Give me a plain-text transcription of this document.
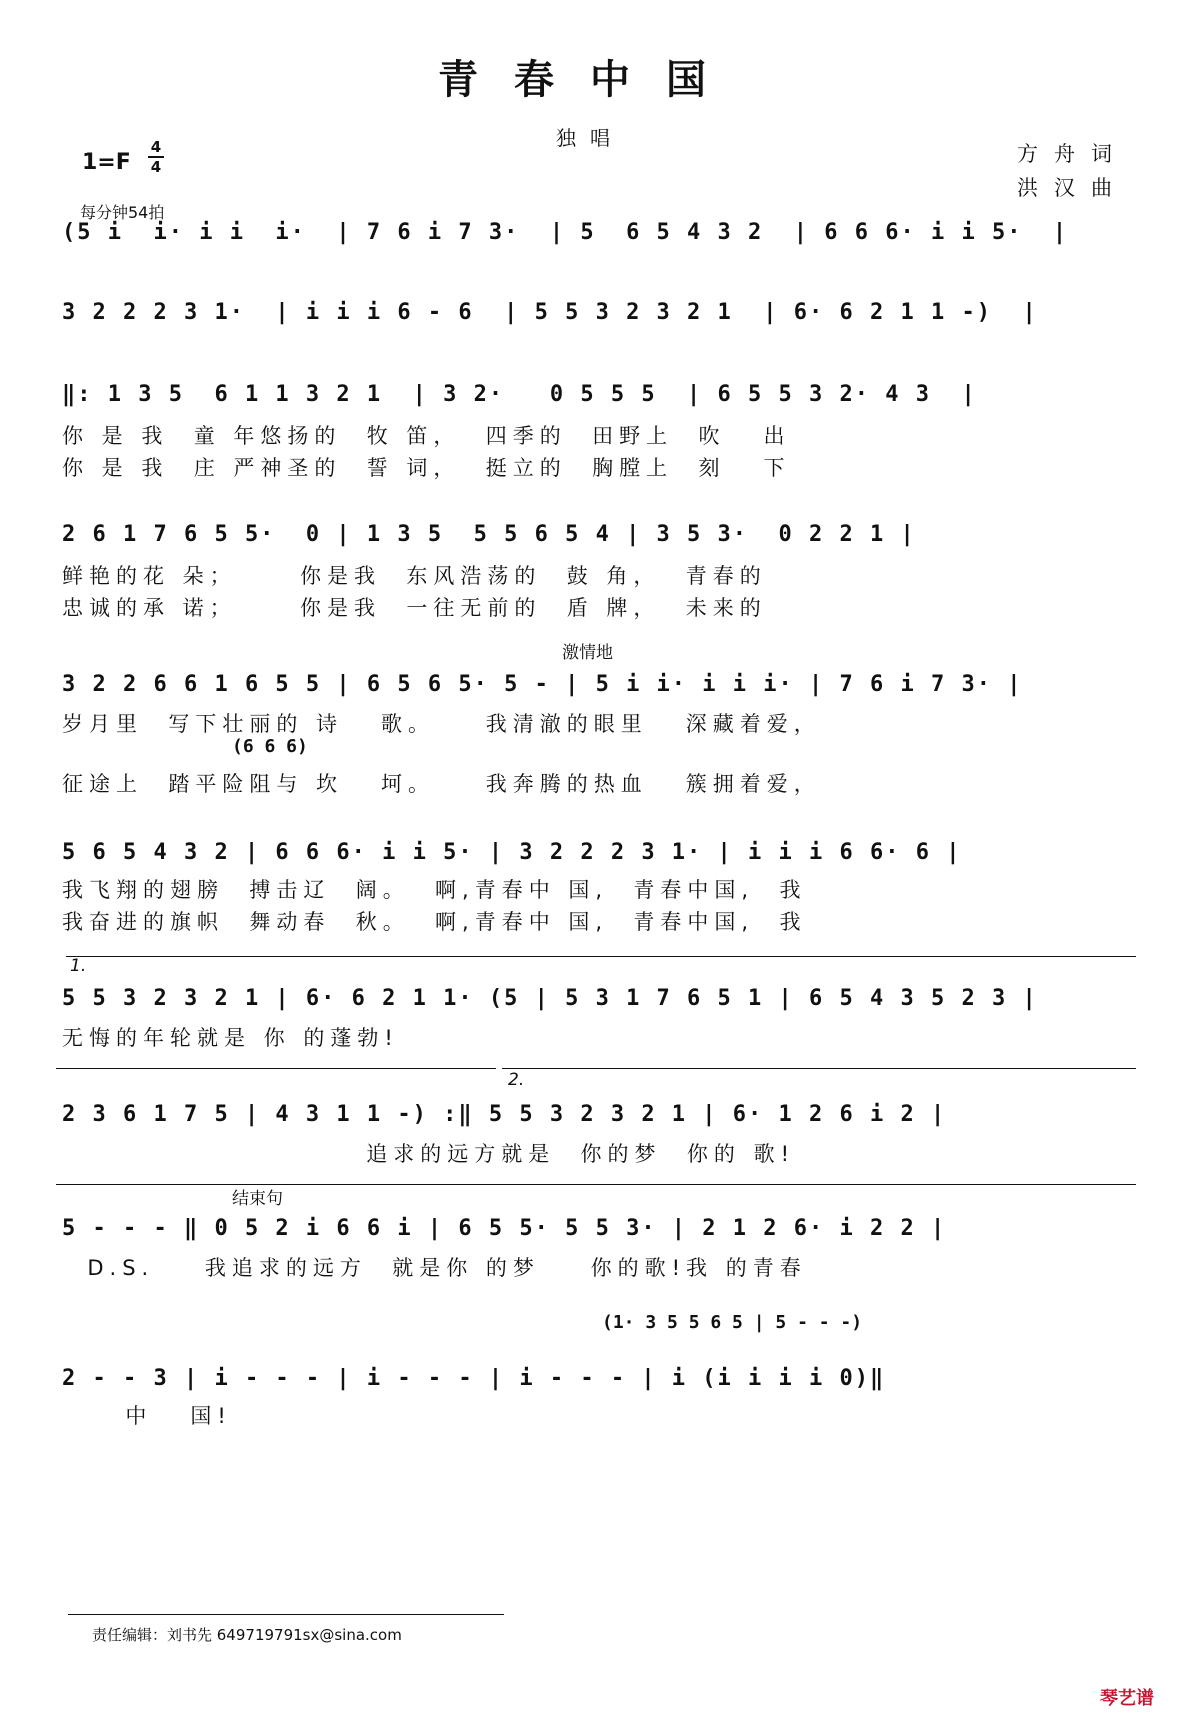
青春中国
独唱
1=F
4
4
每分钟54拍
方舟词
洪汉曲
(5 i  i· i i  i·  | 7 6 i 7 3·  | 5  6 5 4 3 2  | 6 6 6· i i 5·  |
3 2 2 2 3 1·  | i i i 6 - 6  | 5 5 3 2 3 2 1  | 6· 6 2 1 1 -)  |
‖: 1 3 5  6 1 1 3 2 1  | 3 2·   0 5 5 5  | 6 5 5 3 2· 4 3  |
你 是 我  童 年悠扬的  牧 笛，  四季的  田野上  吹   出
你 是 我  庄 严神圣的  誓 词，  挺立的  胸膛上  刻   下
2 6 1 7 6 5 5·  0 | 1 3 5  5 5 6 5 4 | 3 5 3·  0 2 2 1 |
鲜艳的花 朵；     你是我  东风浩荡的  鼓 角，  青春的
忠诚的承 诺；     你是我  一往无前的  盾 牌，  未来的
激情地
3 2 2 6 6 1 6 5 5 | 6 5 6 5· 5 - | 5 i i· i i i· | 7 6 i 7 3· |
岁月里  写下壮丽的 诗   歌。    我清澈的眼里   深藏着爱，
(6 6 6)
征途上  踏平险阻与 坎   坷。    我奔腾的热血   簇拥着爱，
5 6 5 4 3 2 | 6 6 6· i i 5· | 3 2 2 2 3 1· | i i i 6 6· 6 |
我飞翔的翅膀  搏击辽  阔。  啊,青春中 国,  青春中国,  我
我奋进的旗帜  舞动春  秋。  啊,青春中 国,  青春中国,  我
1.
5 5 3 2 3 2 1 | 6· 6 2 1 1· (5 | 5 3 1 7 6 5 1 | 6 5 4 3 5 2 3 |
无悔的年轮就是 你 的蓬勃!
2.
2 3 6 1 7 5 | 4 3 1 1 -) :‖ 5 5 3 2 3 2 1 | 6· 1 2 6 i 2 |
追求的远方就是  你的梦  你的 歌!
结束句
5 - - - ‖ 0 5 2 i 6 6 i | 6 5 5· 5 5 3· | 2 1 2 6· i 2 2 |
D.S.    我追求的远方  就是你 的梦    你的歌!我 的青春
(1· 3 5 5 6 5 | 5 - - -)
2 - - 3 | i - - - | i - - - | i - - - | i (i i i i 0)‖
中   国!
责任编辑：刘书先 649719791sx@sina.com
琴艺谱
